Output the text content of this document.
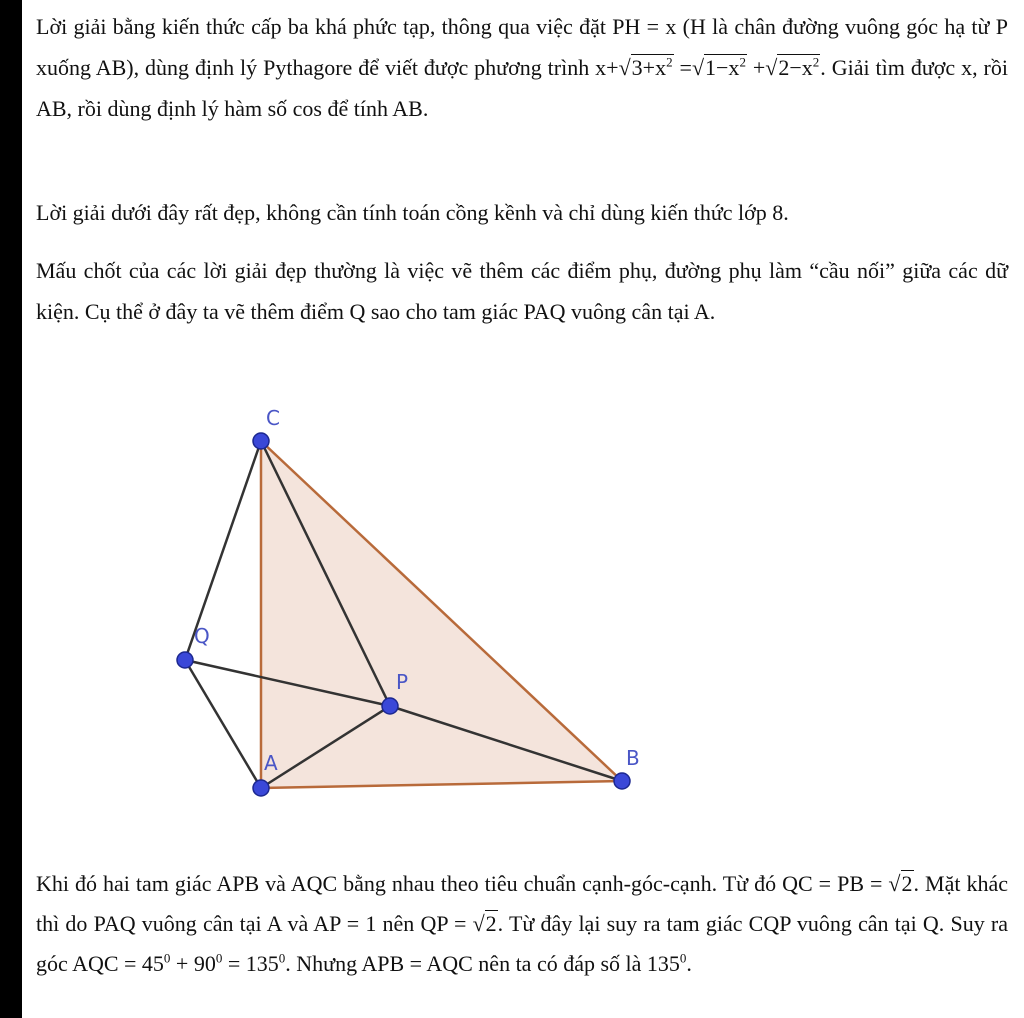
Lời giải bằng kiến thức cấp ba khá phức tạp, thông qua việc đặt PH = x (H là chân đường vuông góc hạ từ P xuống AB), dùng định lý Pythagore để viết được phương trình $x+√3+x^2 =√1-x^2 +√2-x^2$. Giải tìm được x, rồi AB, rồi dùng định lý hàm số cos để tính AB.
Lời giải dưới đây rất đẹp, không cần tính toán cồng kềnh và chỉ dùng kiến thức lớp 8.
Mấu chốt của các lời giải đẹp thường là việc vẽ thêm các điểm phụ, đường phụ làm “cầu nối” giữa các dữ kiện. Cụ thể ở đây ta vẽ thêm điểm Q sao cho tam giác PAQ vuông cân tại A.
C
Q
P
A	B
Khi đó hai tam giác APB và AQC bằng nhau theo tiêu chuẩn cạnh-góc-cạnh. Từ đó QC = PB = √2. Mặt khác thì do PAQ vuông cân tại A và AP = 1 nên QP = √2. Từ đây lại suy ra tam giác CQP vuông cân tại Q. Suy ra góc AQC = $45^0 + 90^0 = 135^0$. Nhưng APB = AQC nên ta có đáp số là $135^0$.
